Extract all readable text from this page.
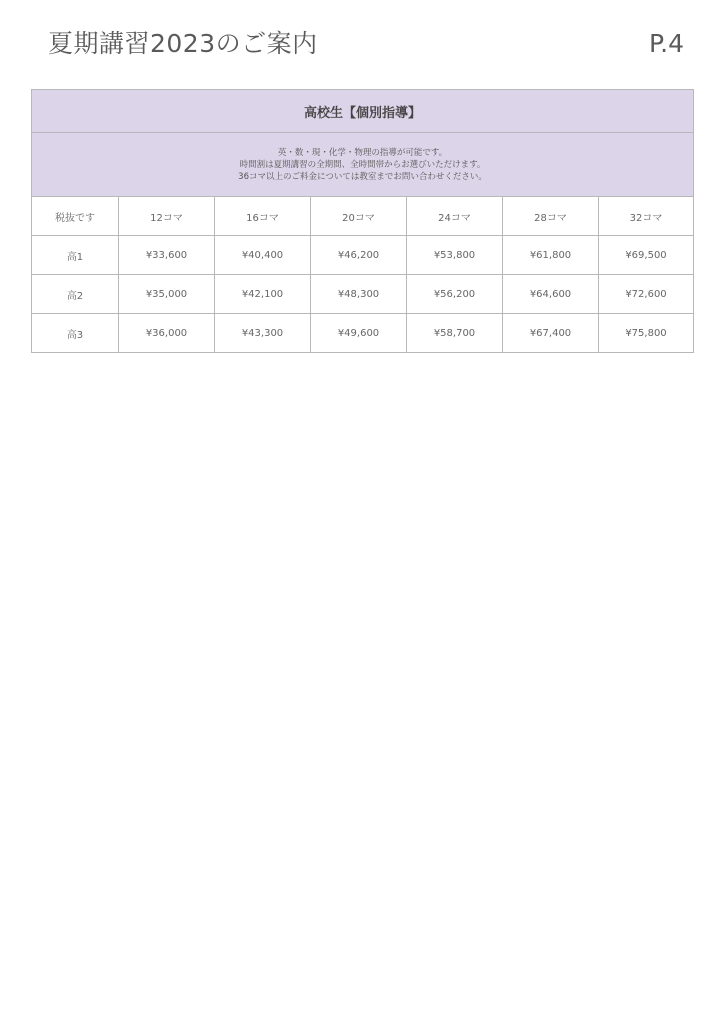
夏期講習2023のご案内	P.4
高校生【個別指導】						

英・数・現・化学・物理の指導が可能です。
時間割は夏期講習の全期間、全時間帯からお選びいただけます。
36コマ以上のご料金については教室までお問い合わせください。						

税抜です	12コマ	16コマ	20コマ	24コマ	28コマ	32コマ
高1	¥33,600	¥40,400	¥46,200	¥53,800	¥61,800	¥69,500
高2	¥35,000	¥42,100	¥48,300	¥56,200	¥64,600	¥72,600
高3	¥36,000	¥43,300	¥49,600	¥58,700	¥67,400	¥75,800
